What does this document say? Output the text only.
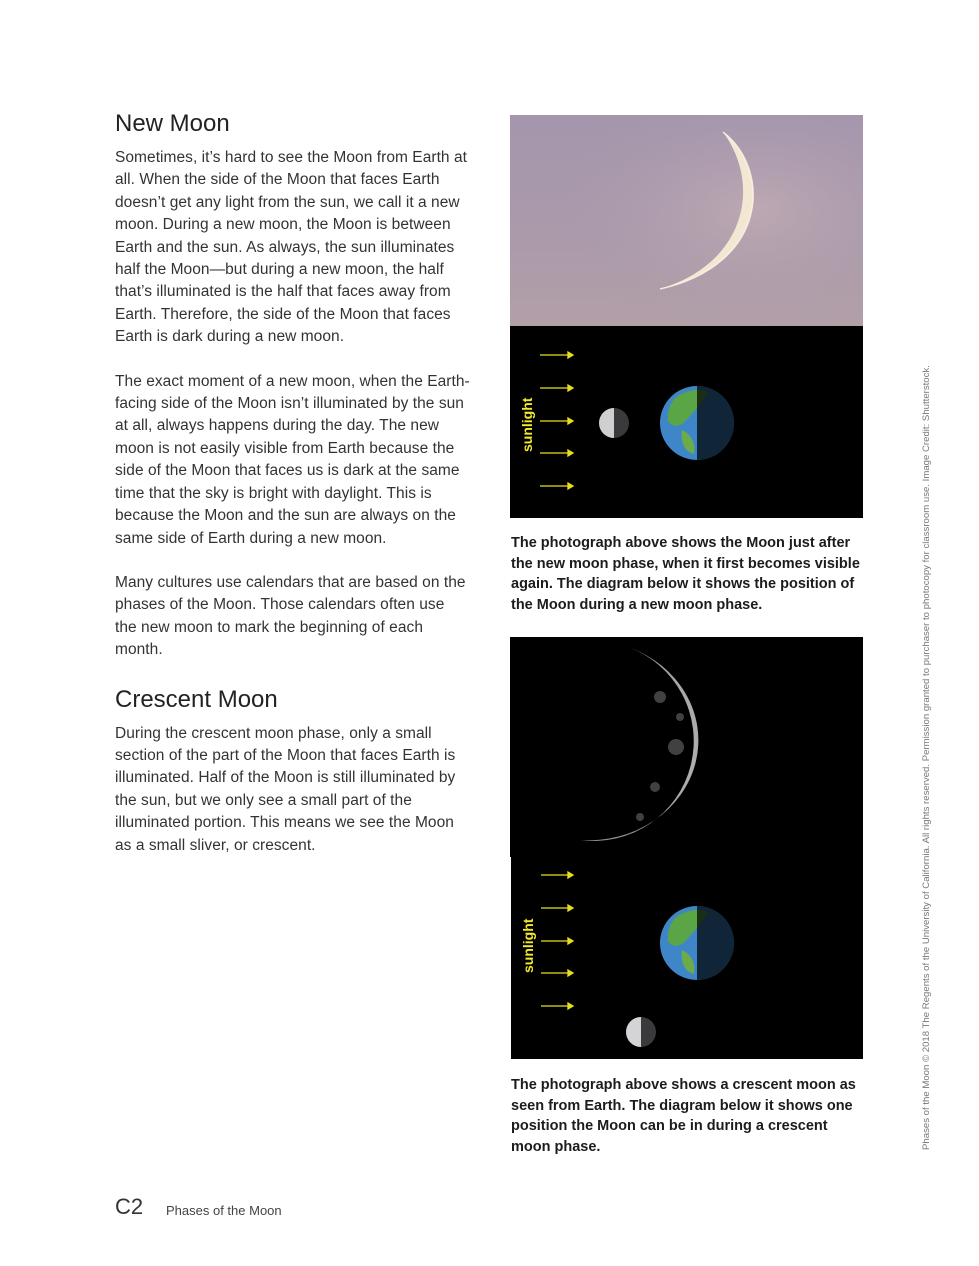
New Moon

Sometimes, it’s hard to see the Moon from Earth at all. When the side of the Moon that faces Earth doesn’t get any light from the sun, we call it a new moon. During a new moon, the Moon is between Earth and the sun. As always, the sun illuminates half the Moon—but during a new moon, the half that’s illuminated is the half that faces away from Earth. Therefore, the side of the Moon that faces Earth is dark during a new moon.

The exact moment of a new moon, when the Earth-facing side of the Moon isn’t illuminated by the sun at all, always happens during the day. The new moon is not easily visible from Earth because the side of the Moon that faces us is dark at the same time that the sky is bright with daylight. This is because the Moon and the sun are always on the same side of Earth during a new moon.

Many cultures use calendars that are based on the phases of the Moon. Those calendars often use the new moon to mark the beginning of each month.

Crescent Moon

During the crescent moon phase, only a small section of the part of the Moon that faces Earth is illuminated. Half of the Moon is still illuminated by the sun, but we only see a small part of the illuminated portion. This means we see the Moon as a small sliver, or crescent.

sunlight

The photograph above shows the Moon just after the new moon phase, when it first becomes visible again. The diagram below it shows the position of the Moon during a new moon phase.

sunlight

The photograph above shows a crescent moon as seen from Earth. The diagram below it shows one position the Moon can be in during a crescent moon phase.

C2 Phases of the Moon
Phases of the Moon © 2018 The Regents of the University of California. All rights reserved. Permission granted to purchaser to photocopy for classroom use. Image Credit: Shutterstock.
